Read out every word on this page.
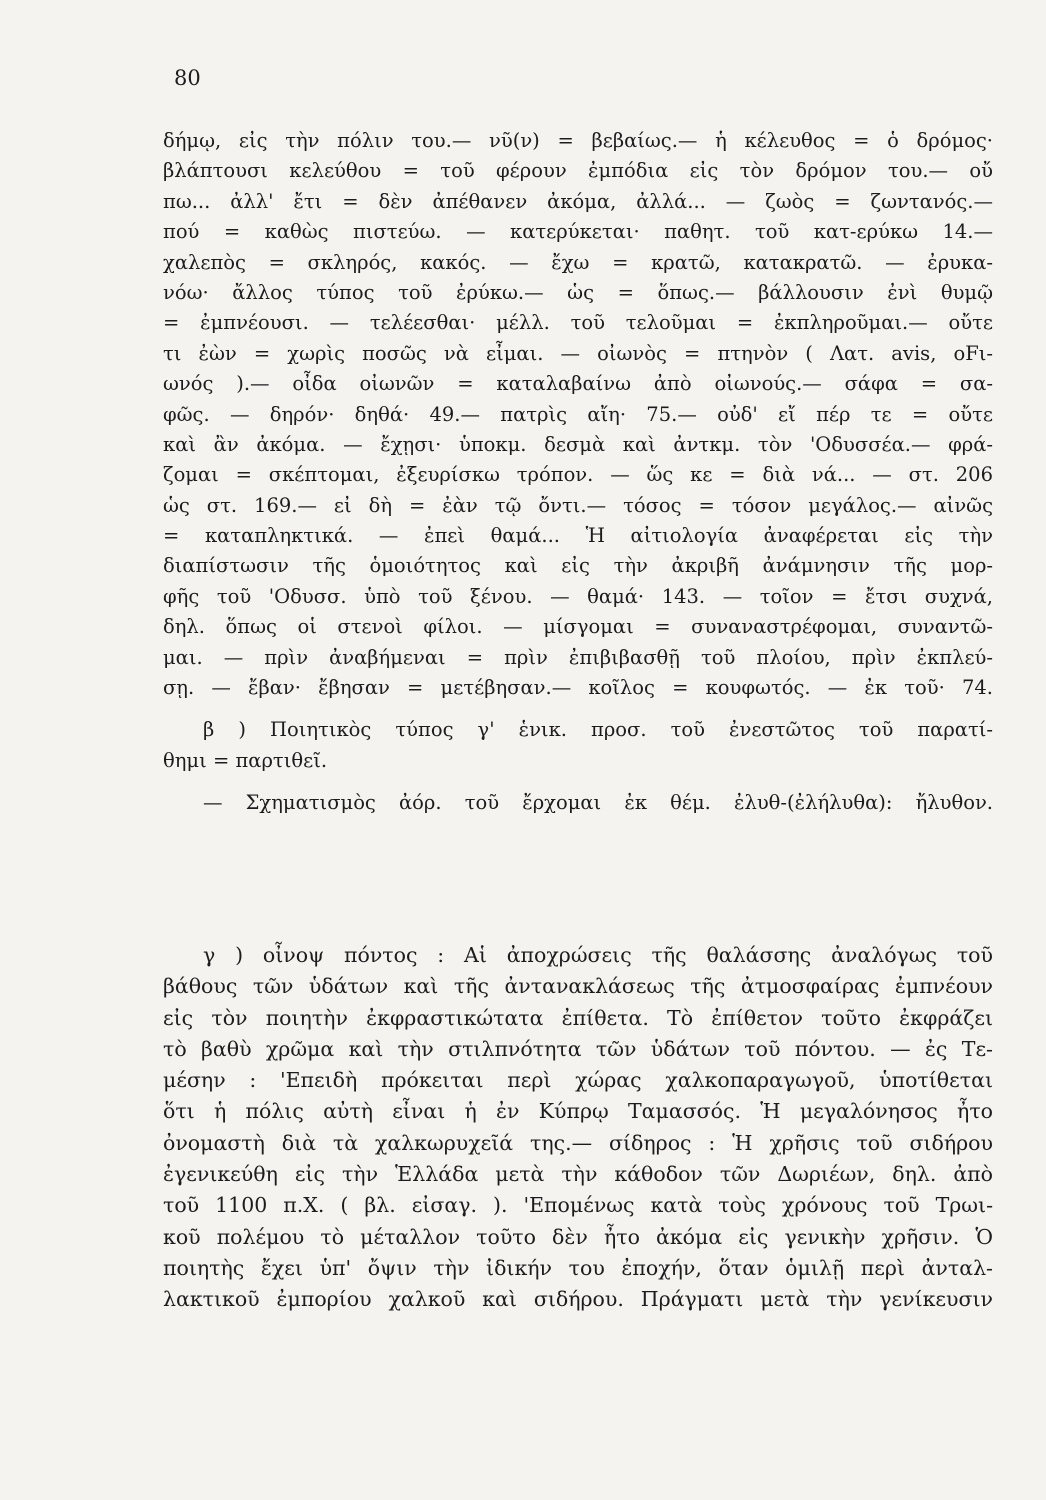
80
δήμῳ, εἰς τὴν πόλιν του.— νῦ(ν) = βεβαίως.— ἡ κέλευθος = ὁ δρόμος·
βλάπτουσι κελεύθου = τοῦ φέρουν ἐμπόδια εἰς τὸν δρόμον του.— οὔ
πω... ἀλλ' ἔτι = δὲν ἀπέθανεν ἀκόμα, ἀλλά... — ζωὸς = ζωντανός.—
πού = καθὼς πιστεύω. — κατερύκεται· παθητ. τοῦ κατ-ερύκω 14.—
χαλεπὸς = σκληρός, κακός. — ἔχω = κρατῶ, κατακρατῶ. — ἐρυκα-
νόω· ἄλλος τύπος τοῦ ἐρύκω.— ὡς = ὅπως.— βάλλουσιν ἐνὶ θυμῷ
= ἐμπνέουσι. — τελέεσθαι· μέλλ. τοῦ τελοῦμαι = ἐκπληροῦμαι.— οὔτε
τι ἐὼν = χωρὶς ποσῶς νὰ εἶμαι. — οἰωνὸς = πτηνὸν ( Λατ. avis, oFι-
ωνός ).— οἶδα οἰωνῶν = καταλαβαίνω ἀπὸ οἰωνούς.— σάφα = σα-
φῶς. — δηρόν· δηθά· 49.— πατρὶς αἴη· 75.— οὐδ' εἴ πέρ τε = οὔτε
καὶ ἂν ἀκόμα. — ἔχῃσι· ὑποκμ. δεσμὰ καὶ ἀντκμ. τὸν 'Οδυσσέα.— φρά-
ζομαι = σκέπτομαι, ἐξευρίσκω τρόπον. — ὥς κε = διὰ νά... — στ. 206
ὡς στ. 169.— εἰ δὴ = ἐὰν τῷ ὄντι.— τόσος = τόσον μεγάλος.— αἰνῶς
= καταπληκτικά. — ἐπεὶ θαμά... Ἡ αἰτιολογία ἀναφέρεται εἰς τὴν
διαπίστωσιν τῆς ὁμοιότητος καὶ εἰς τὴν ἀκριβῆ ἀνάμνησιν τῆς μορ-
φῆς τοῦ 'Οδυσσ. ὑπὸ τοῦ ξένου. — θαμά· 143. — τοῖον = ἔτσι συχνά,
δηλ. ὅπως οἱ στενοὶ φίλοι. — μίσγομαι = συναναστρέφομαι, συναντῶ-
μαι. — πρὶν ἀναβήμεναι = πρὶν ἐπιβιβασθῇ τοῦ πλοίου, πρὶν ἐκπλεύ-
σῃ. — ἔβαν· ἔβησαν = μετέβησαν.— κοῖλος = κουφωτός. — ἐκ τοῦ· 74.
β ) Ποιητικὸς τύπος γ' ἑνικ. προσ. τοῦ ἐνεστῶτος τοῦ παρατί-
θημι = παρτιθεῖ.
— Σχηματισμὸς ἀόρ. τοῦ ἔρχομαι ἐκ θέμ. ἐλυθ-(ἐλήλυθα): ἤλυθον.
γ ) οἶνοψ πόντος : Αἱ ἀποχρώσεις τῆς θαλάσσης ἀναλόγως τοῦ
βάθους τῶν ὑδάτων καὶ τῆς ἀντανακλάσεως τῆς ἀτμοσφαίρας ἐμπνέουν
εἰς τὸν ποιητὴν ἐκφραστικώτατα ἐπίθετα. Τὸ ἐπίθετον τοῦτο ἐκφράζει
τὸ βαθὺ χρῶμα καὶ τὴν στιλπνότητα τῶν ὑδάτων τοῦ πόντου. — ἐς Τε-
μέσην : 'Επειδὴ πρόκειται περὶ χώρας χαλκοπαραγωγοῦ, ὑποτίθεται
ὅτι ἡ πόλις αὐτὴ εἶναι ἡ ἐν Κύπρῳ Ταμασσός. Ἡ μεγαλόνησος ἦτο
ὀνομαστὴ διὰ τὰ χαλκωρυχεῖά της.— σίδηρος : Ἡ χρῆσις τοῦ σιδήρου
ἐγενικεύθη εἰς τὴν Ἑλλάδα μετὰ τὴν κάθοδον τῶν Δωριέων, δηλ. ἀπὸ
τοῦ 1100 π.Χ. ( βλ. εἰσαγ. ). 'Επομένως κατὰ τοὺς χρόνους τοῦ Τρωι-
κοῦ πολέμου τὸ μέταλλον τοῦτο δὲν ἦτο ἀκόμα εἰς γενικὴν χρῆσιν. Ὁ
ποιητὴς ἔχει ὑπ' ὄψιν τὴν ἰδικήν του ἐποχήν, ὅταν ὁμιλῇ περὶ ἀνταλ-
λακτικοῦ ἐμπορίου χαλκοῦ καὶ σιδήρου. Πράγματι μετὰ τὴν γενίκευσιν
